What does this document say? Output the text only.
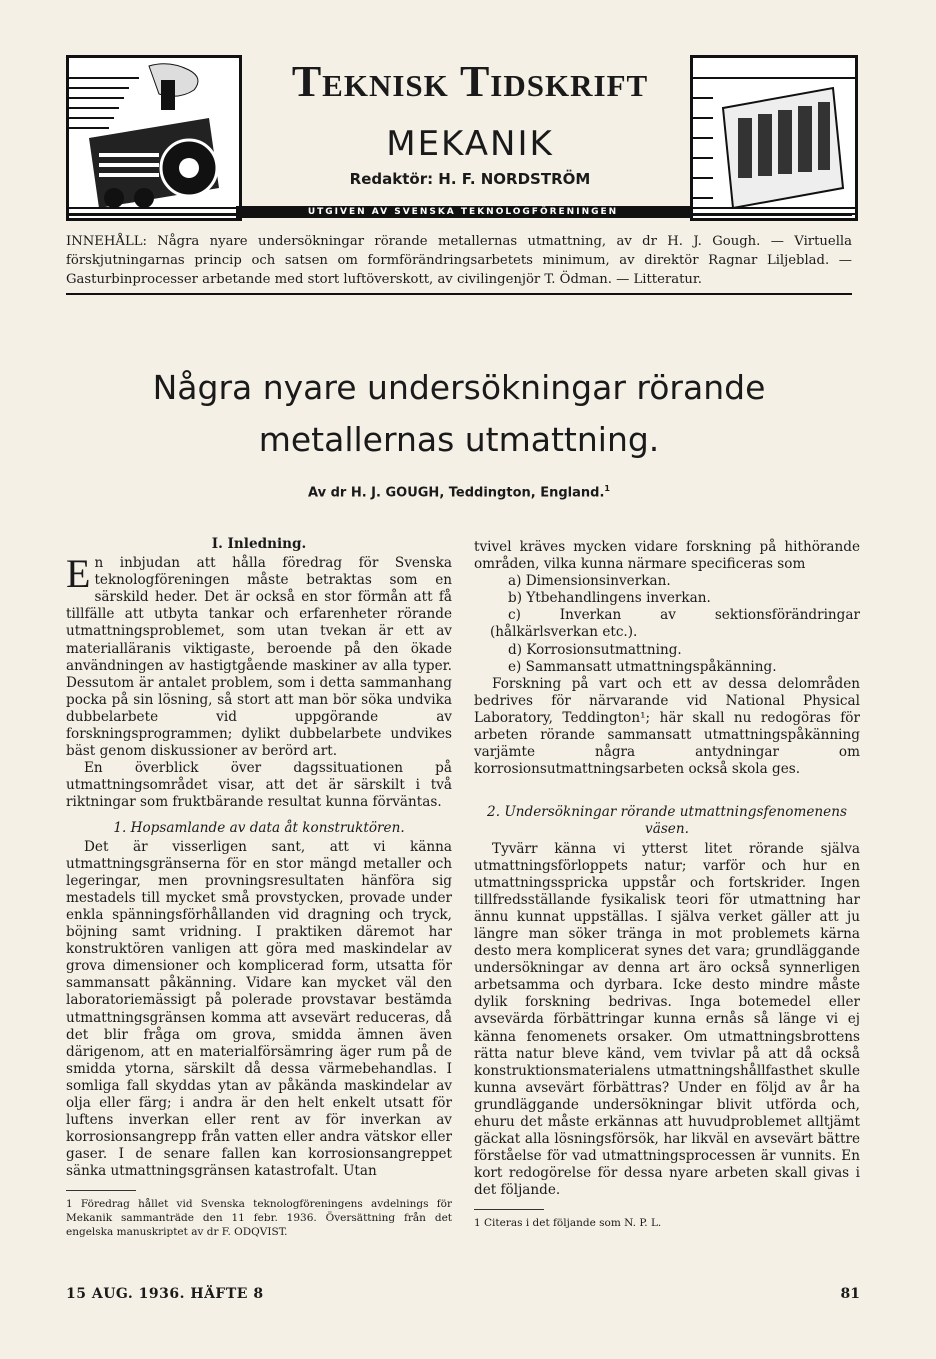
Teknisk Tidskrift
MEKANIK
Redaktör: H. F. NORDSTRÖM
UTGIVEN AV SVENSKA TEKNOLOGFÖRENINGEN
INNEHÅLL: Några nyare undersökningar rörande metallernas utmattning, av dr H. J. Gough. — Virtuella förskjutningarnas princip och satsen om formförändringsarbetets minimum, av direktör Ragnar Liljeblad. — Gasturbinprocesser arbetande med stort luftöverskott, av civilingenjör T. Ödman. — Litteratur.
Några nyare undersökningar rörande
metallernas utmattning.
Av dr H. J. GOUGH, Teddington, England.$^1$
I. Inledning.

En inbjudan att hålla föredrag för Svenska teknologföreningen måste betraktas som en särskild heder. Det är också en stor förmån att få tillfälle att utbyta tankar och erfarenheter rörande utmattningsproblemet, som utan tvekan är ett av materialläranis viktigaste, beroende på den ökade användningen av hastigtgående maskiner av alla typer. Dessutom är antalet problem, som i detta sammanhang pocka på sin lösning, så stort att man bör söka undvika dubbelarbete vid uppgörande av forskningsprogrammen; dylikt dubbelarbete undvikes bäst genom diskussioner av berörd art.

En överblick över dagssituationen på utmattningsområdet visar, att det är särskilt i två riktningar som fruktbärande resultat kunna förväntas.

1. Hopsamlande av data åt konstruktören.

Det är visserligen sant, att vi känna utmattningsgränserna för en stor mängd metaller och legeringar, men provningsresultaten hänföra sig mestadels till mycket små provstycken, provade under enkla spänningsförhållanden vid dragning och tryck, böjning samt vridning. I praktiken däremot har konstruktören vanligen att göra med maskindelar av grova dimensioner och komplicerad form, utsatta för sammansatt påkänning. Vidare kan mycket väl den laboratoriemässigt på polerade provstavar bestämda utmattningsgränsen komma att avsevärt reduceras, då det blir fråga om grova, smidda ämnen även därigenom, att en materialförsämring äger rum på de smidda ytorna, särskilt då dessa värmebehandlas. I somliga fall skyddas ytan av påkända maskindelar av olja eller färg; i andra är den helt enkelt utsatt för luftens inverkan eller rent av för inverkan av korrosionsangrepp från vatten eller andra vätskor eller gaser. I de senare fallen kan korrosionsangreppet sänka utmattningsgränsen katastrofalt. Utan

1 Föredrag hållet vid Svenska teknologföreningens avdelnings för Mekanik sammanträde den 11 febr. 1936. Översättning från det engelska manuskriptet av dr F. ODQVIST.

tvivel kräves mycken vidare forskning på hithörande områden, vilka kunna närmare specificeras som

a) Dimensionsinverkan.

b) Ytbehandlingens inverkan.

c) Inverkan av sektionsförändringar (hålkärlsverkan etc.).

d) Korrosionsutmattning.

e) Sammansatt utmattningspåkänning.

Forskning på vart och ett av dessa delområden bedrives för närvarande vid National Physical Laboratory, Teddington¹; här skall nu redogöras för arbeten rörande sammansatt utmattningspåkänning varjämte några antydningar om korrosionsutmattningsarbeten också skola ges.

2. Undersökningar rörande utmattningsfenomenens väsen.

Tyvärr känna vi ytterst litet rörande själva utmattningsförloppets natur; varför och hur en utmattningsspricka uppstår och fortskrider. Ingen tillfredsställande fysikalisk teori för utmattning har ännu kunnat uppställas. I själva verket gäller att ju längre man söker tränga in mot problemets kärna desto mera komplicerat synes det vara; grundläggande undersökningar av denna art äro också synnerligen arbetsamma och dyrbara. Icke desto mindre måste dylik forskning bedrivas. Inga botemedel eller avsevärda förbättringar kunna ernås så länge vi ej känna fenomenets orsaker. Om utmattningsbrottens rätta natur bleve känd, vem tvivlar på att då också konstruktionsmaterialens utmattningshållfasthet skulle kunna avsevärt förbättras? Under en följd av år ha grundläggande undersökningar blivit utförda och, ehuru det måste erkännas att huvudproblemet alltjämt gäckat alla lösningsförsök, har likväl en avsevärt bättre förståelse för vad utmattningsprocessen är vunnits. En kort redogörelse för dessa nyare arbeten skall givas i det följande.

1 Citeras i det följande som N. P. L.
15 AUG. 1936. HÄFTE 8	81
